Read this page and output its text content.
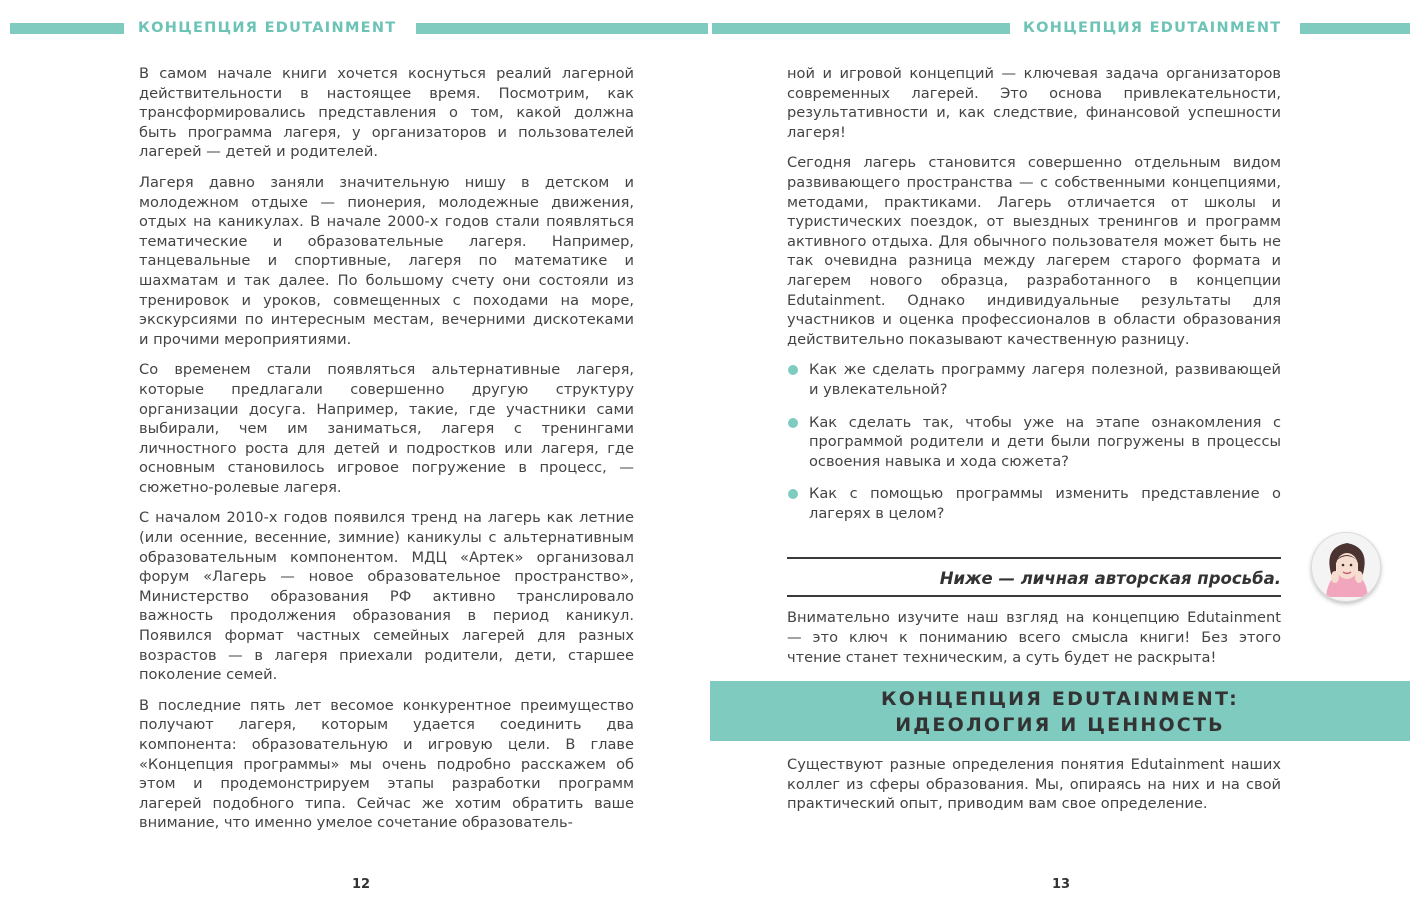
КОНЦЕПЦИЯ EDUTAINMENT	КОНЦЕПЦИЯ EDUTAINMENT

В самом начале книги хочется коснуться реалий лагерной действительности в настоящее время. Посмотрим, как трансформировались представления о том, какой должна быть программа лагеря, у организаторов и пользователей лагерей — детей и родителей.

Лагеря давно заняли значительную нишу в детском и молодежном отдыхе — пионерия, молодежные движения, отдых на каникулах. В начале 2000-х годов стали появляться тематические и образовательные лагеря. Например, танцевальные и спортивные, лагеря по математике и шахматам и так далее. По большому счету они состояли из тренировок и уроков, совмещенных с походами на море, экскурсиями по интересным местам, вечерними дискотеками и прочими мероприятиями.

Со временем стали появляться альтернативные лагеря, которые предлагали совершенно другую структуру организации досуга. Например, такие, где участники сами выбирали, чем им заниматься, лагеря с тренингами личностного роста для детей и подростков или лагеря, где основным становилось игровое погружение в процесс, — сюжетно-ролевые лагеря.

С началом 2010-х годов появился тренд на лагерь как летние (или осенние, весенние, зимние) каникулы с альтернативным образовательным компонентом. МДЦ «Артек» организовал форум «Лагерь — новое образовательное пространство», Министерство образования РФ активно транслировало важность продолжения образования в период каникул. Появился формат частных семейных лагерей для разных возрастов — в лагеря приехали родители, дети, старшее поколение семей.

В последние пять лет весомое конкурентное преимущество получают лагеря, которым удается соединить два компонента: образовательную и игровую цели. В главе «Концепция программы» мы очень подробно расскажем об этом и продемонстрируем этапы разработки программ лагерей подобного типа. Сейчас же хотим обратить ваше внимание, что именно умелое сочетание образователь-

12

ной и игровой концепций — ключевая задача организаторов современных лагерей. Это основа привлекательности, результативности и, как следствие, финансовой успешности лагеря!

Сегодня лагерь становится совершенно отдельным видом развивающего пространства — с собственными концепциями, методами, практиками. Лагерь отличается от школы и туристических поездок, от выездных тренингов и программ активного отдыха. Для обычного пользователя может быть не так очевидна разница между лагерем старого формата и лагерем нового образца, разработанного в концепции Edutainment. Однако индивидуальные результаты для участников и оценка профессионалов в области образования действительно показывают качественную разницу.

Как же сделать программу лагеря полезной, развивающей и увлекательной?
Как сделать так, чтобы уже на этапе ознакомления с программой родители и дети были погружены в процессы освоения навыка и хода сюжета?
Как с помощью программы изменить представление о лагерях в целом?
Ниже — личная авторская просьба.
Внимательно изучите наш взгляд на концепцию Edutainment — это ключ к пониманию всего смысла книги! Без этого чтение станет техническим, а суть будет не раскрыта!
КОНЦЕПЦИЯ EDUTAINMENT:
ИДЕОЛОГИЯ И ЦЕННОСТЬ
Существуют разные определения понятия Edutainment наших коллег из сферы образования. Мы, опираясь на них и на свой практический опыт, приводим вам свое определение.
13
